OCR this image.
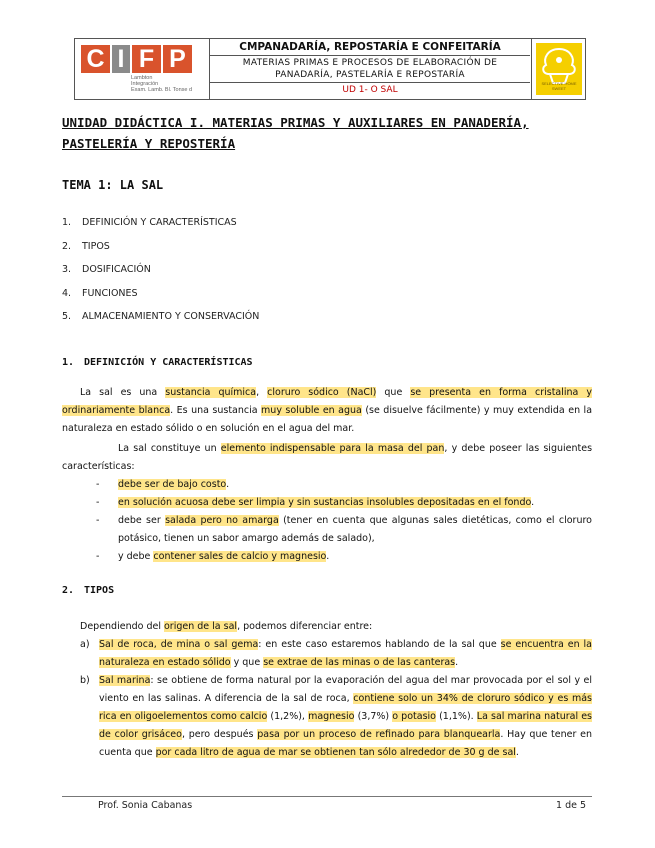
C I F P
Lambton
Integración
Exam. Lamb. Bl. Tonse d
CMPANADARÍA, REPOSTARÍA E CONFEITARÍA
MATERIAS PRIMAS E PROCESOS DE ELABORACIÓN DE
PANADARÍA, PASTELARÍA E REPOSTARÍA
UD 1- O SAL
SELECTIVE HOME SWEET
UNIDAD DIDÁCTICA I. MATERIAS PRIMAS Y AUXILIARES EN PANADERÍA,
PASTELERÍA Y REPOSTERÍA
TEMA 1: LA SAL
1. DEFINICIÓN Y CARACTERÍSTICAS
2. TIPOS
3. DOSIFICACIÓN
4. FUNCIONES
5. ALMACENAMIENTO Y CONSERVACIÓN
1. DEFINICIÓN Y CARACTERÍSTICAS
La sal es una sustancia química, cloruro sódico (NaCl) que se presenta en forma cristalina y ordinariamente blanca. Es una sustancia muy soluble en agua (se disuelve fácilmente) y muy extendida en la naturaleza en estado sólido o en solución en el agua del mar.
La sal constituye un elemento indispensable para la masa del pan, y debe poseer las siguientes características:
-	debe ser de bajo costo.
-	en solución acuosa debe ser limpia y sin sustancias insolubles depositadas en el fondo.
-	debe ser salada pero no amarga (tener en cuenta que algunas sales dietéticas, como el cloruro potásico, tienen un sabor amargo además de salado),
-	y debe contener sales de calcio y magnesio.
2. TIPOS
Dependiendo del origen de la sal, podemos diferenciar entre:
a) Sal de roca, de mina o sal gema: en este caso estaremos hablando de la sal que se encuentra en la naturaleza en estado sólido y que se extrae de las minas o de las canteras.
b) Sal marina: se obtiene de forma natural por la evaporación del agua del mar provocada por el sol y el viento en las salinas. A diferencia de la sal de roca, contiene solo un 34% de cloruro sódico y es más rica en oligoelementos como calcio (1,2%), magnesio (3,7%) o potasio (1,1%). La sal marina natural es de color grisáceo, pero después pasa por un proceso de refinado para blanquearla. Hay que tener en cuenta que por cada litro de agua de mar se obtienen tan sólo alrededor de 30 g de sal.
Prof. Sonia Cabanas	1 de 5
